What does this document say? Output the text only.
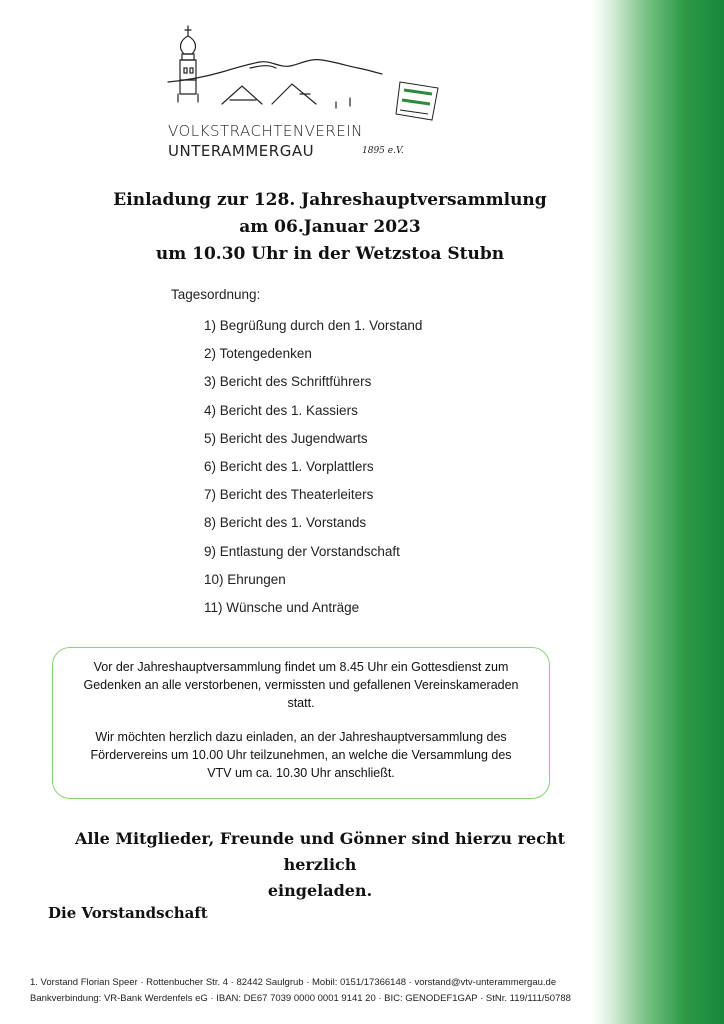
VOLKSTRACHTENVEREIN
UNTERAMMERGAU	1895 e.V.
Einladung zur 128. Jahreshauptversammlung
am 06.Januar 2023
um 10.30 Uhr in der Wetzstoa Stubn
Tagesordnung:
1) Begrüßung durch den 1. Vorstand
2) Totengedenken
3) Bericht des Schriftführers
4) Bericht des 1. Kassiers
5) Bericht des Jugendwarts
6) Bericht des 1. Vorplattlers
7) Bericht des Theaterleiters
8) Bericht des 1. Vorstands
9) Entlastung der Vorstandschaft
10) Ehrungen
11) Wünsche und Anträge

Vor der Jahreshauptversammlung findet um 8.45 Uhr ein Gottesdienst zum Gedenken an alle verstorbenen, vermissten und gefallenen Vereinskameraden statt.

Wir möchten herzlich dazu einladen, an der Jahreshauptversammlung des Fördervereins um 10.00 Uhr teilzunehmen, an welche die Versammlung des VTV um ca. 10.30 Uhr anschließt.

Alle Mitglieder, Freunde und Gönner sind hierzu recht herzlich
eingeladen.
Die Vorstandschaft
1. Vorstand Florian Speer · Rottenbucher Str. 4 · 82442 Saulgrub · Mobil: 0151/17366148 · vorstand@vtv-unterammergau.de
Bankverbindung: VR-Bank Werdenfels eG · IBAN: DE67 7039 0000 0001 9141 20 · BIC: GENODEF1GAP · StNr. 119/111/50788
